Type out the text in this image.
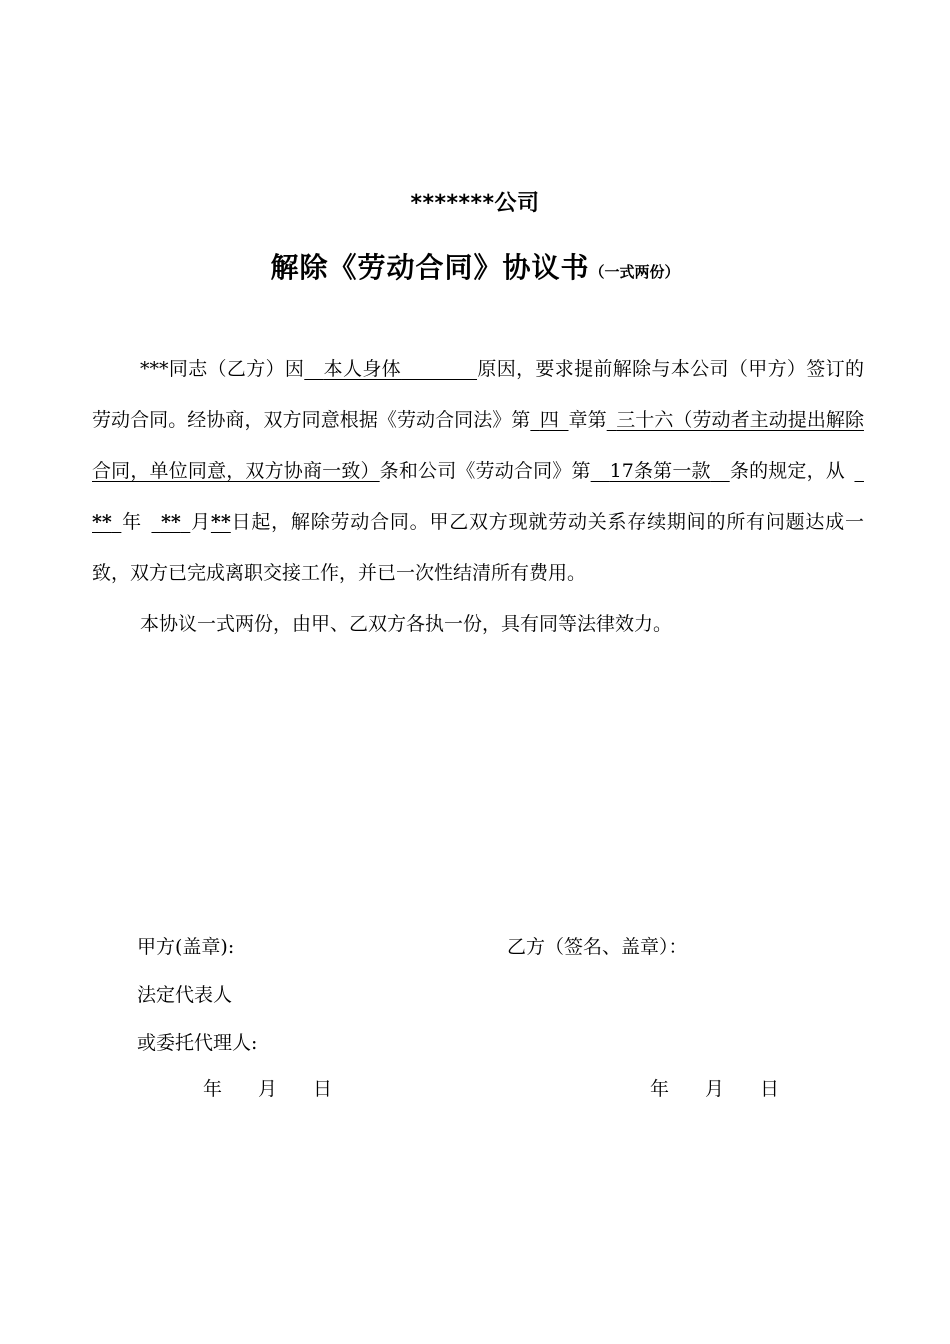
*******公司
解除《劳动合同》协议书（一式两份）

***同志（乙方）因  本人身体    	原因，要求提前解除与本公司（甲方）签订的劳动合同。经协商，双方同意根据《劳动合同法》第  四  章第  三十六（劳动者主动提出解除合同，单位同意，双方协商一致）条和公司《劳动合同》第  17条第一款  条的规定，从  **  年   **  月**日起，解除劳动合同。甲乙双方现就劳动关系存续期间的所有问题达成一致，双方已完成离职交接工作，并已一次性结清所有费用。

本协议一式两份，由甲、乙双方各执一份，具有同等法律效力。

甲方(盖章):	乙方（签名、盖章）：
法定代表人
或委托代理人:
年 月 日	年 月 日
